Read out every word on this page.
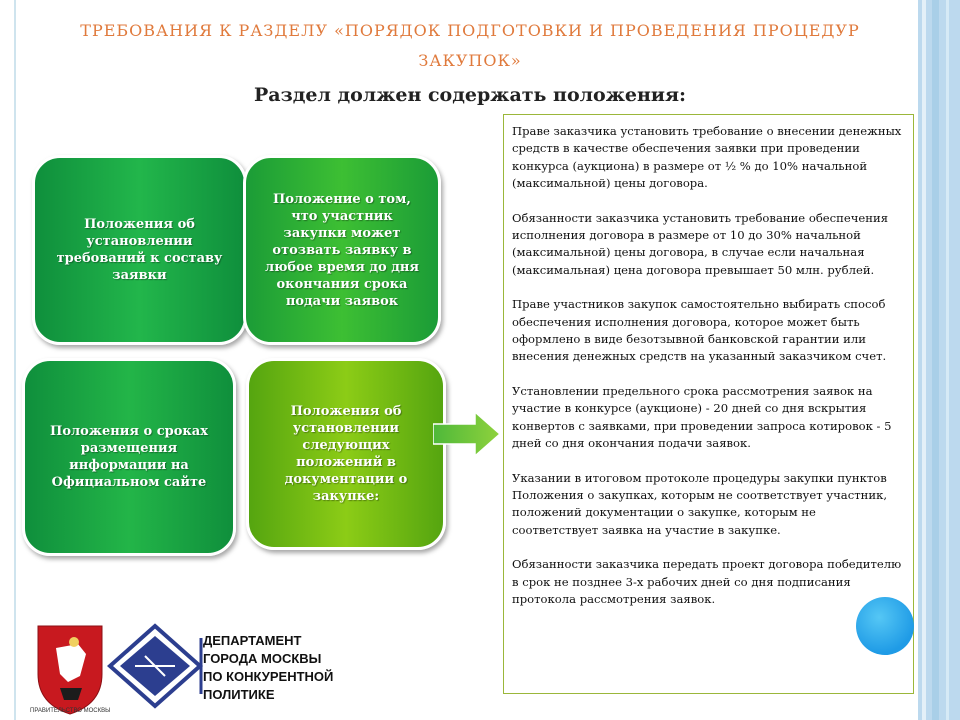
ТРЕБОВАНИЯ К РАЗДЕЛУ «ПОРЯДОК ПОДГОТОВКИ И ПРОВЕДЕНИЯ ПРОЦЕДУР ЗАКУПОК»
Раздел должен содержать положения:
Положения об установлении требований к составу заявки
Положение о том, что участник закупки может отозвать заявку в любое время до дня окончания срока подачи заявок
Положения о сроках размещения информации на Официальном сайте
Положения об установлении следующих положений в документации о закупке:

Праве заказчика установить требование о внесении денежных средств в качестве обеспечения заявки при проведении конкурса (аукциона) в размере от ½ % до 10% начальной (максимальной) цены договора.

Обязанности заказчика установить требование обеспечения исполнения договора в размере от 10 до 30% начальной (максимальной) цены договора, в случае если начальная (максимальная) цена договора превышает 50 млн. рублей.

Праве участников закупок самостоятельно выбирать способ обеспечения исполнения договора, которое может быть оформлено в виде безотзывной банковской гарантии или внесения денежных средств на указанный заказчиком счет.

Установлении предельного срока рассмотрения заявок на участие в конкурсе (аукционе) - 20 дней со дня вскрытия конвертов с заявками, при проведении запроса котировок - 5 дней со дня окончания подачи заявок.

Указании в итоговом протоколе процедуры закупки пунктов Положения о закупках, которым не соответствует участник, положений документации о закупке, которым не соответствует заявка на участие в закупке.

Обязанности заказчика передать проект договора победителю в срок не позднее 3-х рабочих дней со дня подписания протокола рассмотрения заявок.

ДЕПАРТАМЕНТ
ГОРОДА МОСКВЫ
ПО КОНКУРЕНТНОЙ
ПОЛИТИКЕ
ПРАВИТЕЛЬСТВО МОСКВЫ
